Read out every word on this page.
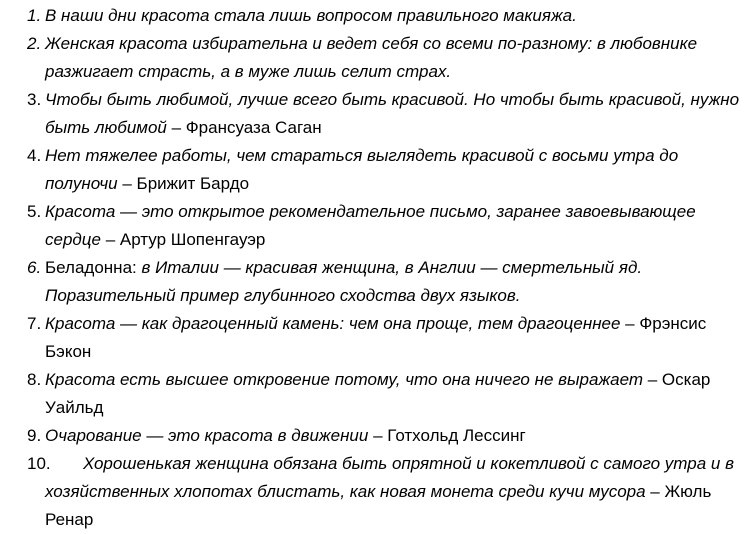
1. В наши дни красота стала лишь вопросом правильного макияжа.
2. Женская красота избирательна и ведет себя со всеми по-разному: в любовнике разжигает страсть, а в муже лишь селит страх.
3. Чтобы быть любимой, лучше всего быть красивой. Но чтобы быть красивой, нужно быть любимой – Франсуаза Саган
4. Нет тяжелее работы, чем стараться выглядеть красивой с восьми утра до полуночи – Брижит Бардо
5. Красота — это открытое рекомендательное письмо, заранее завоевывающее сердце – Артур Шопенгауэр
6. Беладонна: в Италии — красивая женщина, в Англии — смертельный яд. Поразительный пример глубинного сходства двух языков.
7. Красота — как драгоценный камень: чем она проще, тем драгоценнее – Фрэнсис Бэкон
8. Красота есть высшее откровение потому, что она ничего не выражает – Оскар Уайльд
9. Очарование — это красота в движении – Готхольд Лессинг
10.	Хорошенькая женщина обязана быть опрятной и кокетливой с самого утра и в хозяйственных хлопотах блистать, как новая монета среди кучи мусора – Жюль Ренар
